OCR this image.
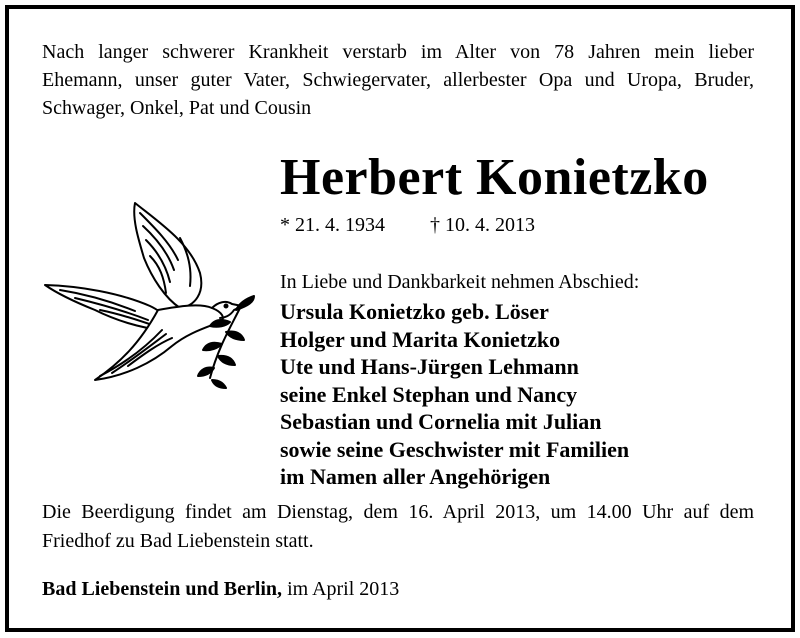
Nach langer schwerer Krankheit verstarb im Alter von 78 Jahren mein lieber
Ehemann, unser guter Vater, Schwiegervater, allerbester Opa und Uropa, Bruder,
Schwager, Onkel, Pat und Cousin
Herbert Konietzko
* 21. 4. 1934 † 10. 4. 2013
In Liebe und Dankbarkeit nehmen Abschied:
Ursula Konietzko geb. Löser
Holger und Marita Konietzko
Ute und Hans-Jürgen Lehmann
seine Enkel Stephan und Nancy
Sebastian und Cornelia mit Julian
sowie seine Geschwister mit Familien
im Namen aller Angehörigen
Die Beerdigung findet am Dienstag, dem 16. April 2013, um 14.00 Uhr auf dem
Friedhof zu Bad Liebenstein statt.
Bad Liebenstein und Berlin, im April 2013
